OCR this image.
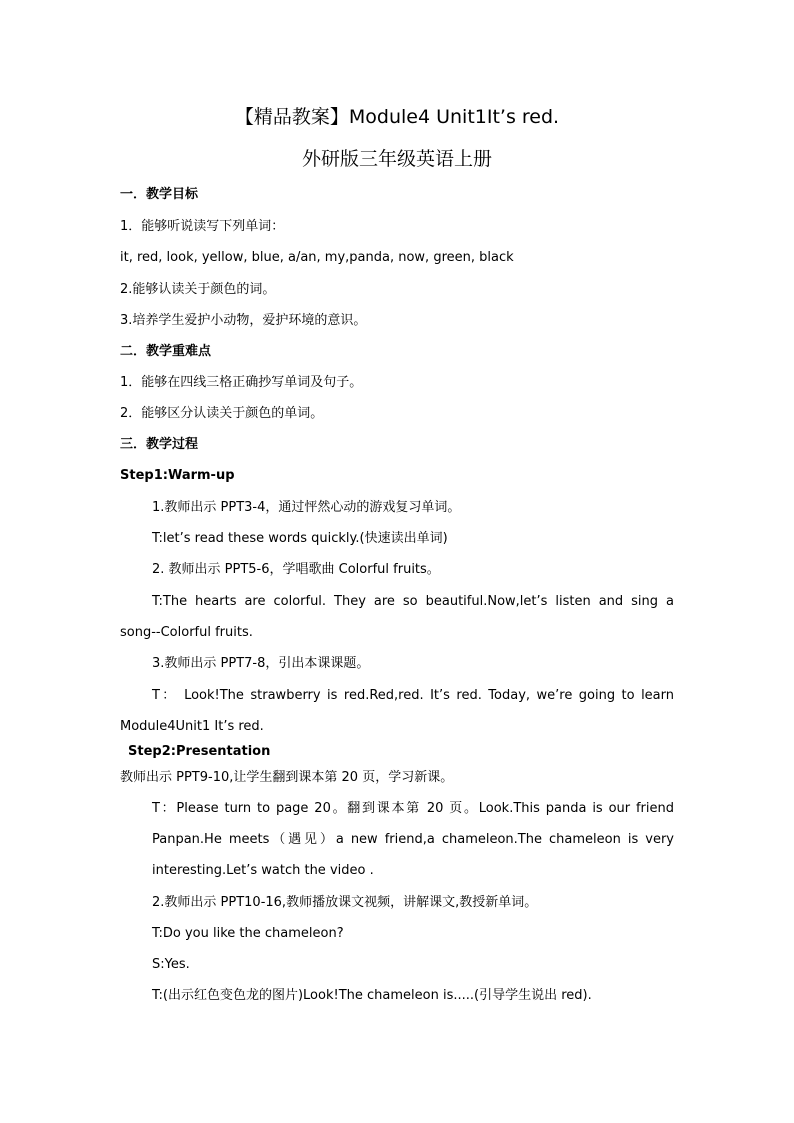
【精品教案】Module4 Unit1It’s red.
外研版三年级英语上册
一．教学目标
1．能够听说读写下列单词：
it, red, look, yellow, blue, a/an, my,panda, now, green, black
2.能够认读关于颜色的词。
3.培养学生爱护小动物，爱护环境的意识。
二．教学重难点
1．能够在四线三格正确抄写单词及句子。
2．能够区分认读关于颜色的单词。
三．教学过程
Step1:Warm-up
1.教师出示 PPT3-4，通过怦然心动的游戏复习单词。
T:let’s read these words quickly.(快速读出单词)
2. 教师出示 PPT5-6，学唱歌曲 Colorful fruits。
T:The hearts are colorful. They are so beautiful.Now,let’s listen and sing a
song--Colorful fruits.
3.教师出示 PPT7-8，引出本课课题。
T： Look!The strawberry is red.Red,red. It’s red. Today, we’re going to learn
Module4Unit1 It’s red.
Step2:Presentation
教师出示 PPT9-10,让学生翻到课本第 20 页，学习新课。
T：Please turn to page 20。翻到课本第 20 页。Look.This panda is our friend
Panpan.He meets（遇见）a new friend,a chameleon.The chameleon is very
interesting.Let’s watch the video .
2.教师出示 PPT10-16,教师播放课文视频，讲解课文,教授新单词。
T:Do you like the chameleon?
S:Yes.
T:(出示红色变色龙的图片)Look!The chameleon is.....(引导学生说出 red).
